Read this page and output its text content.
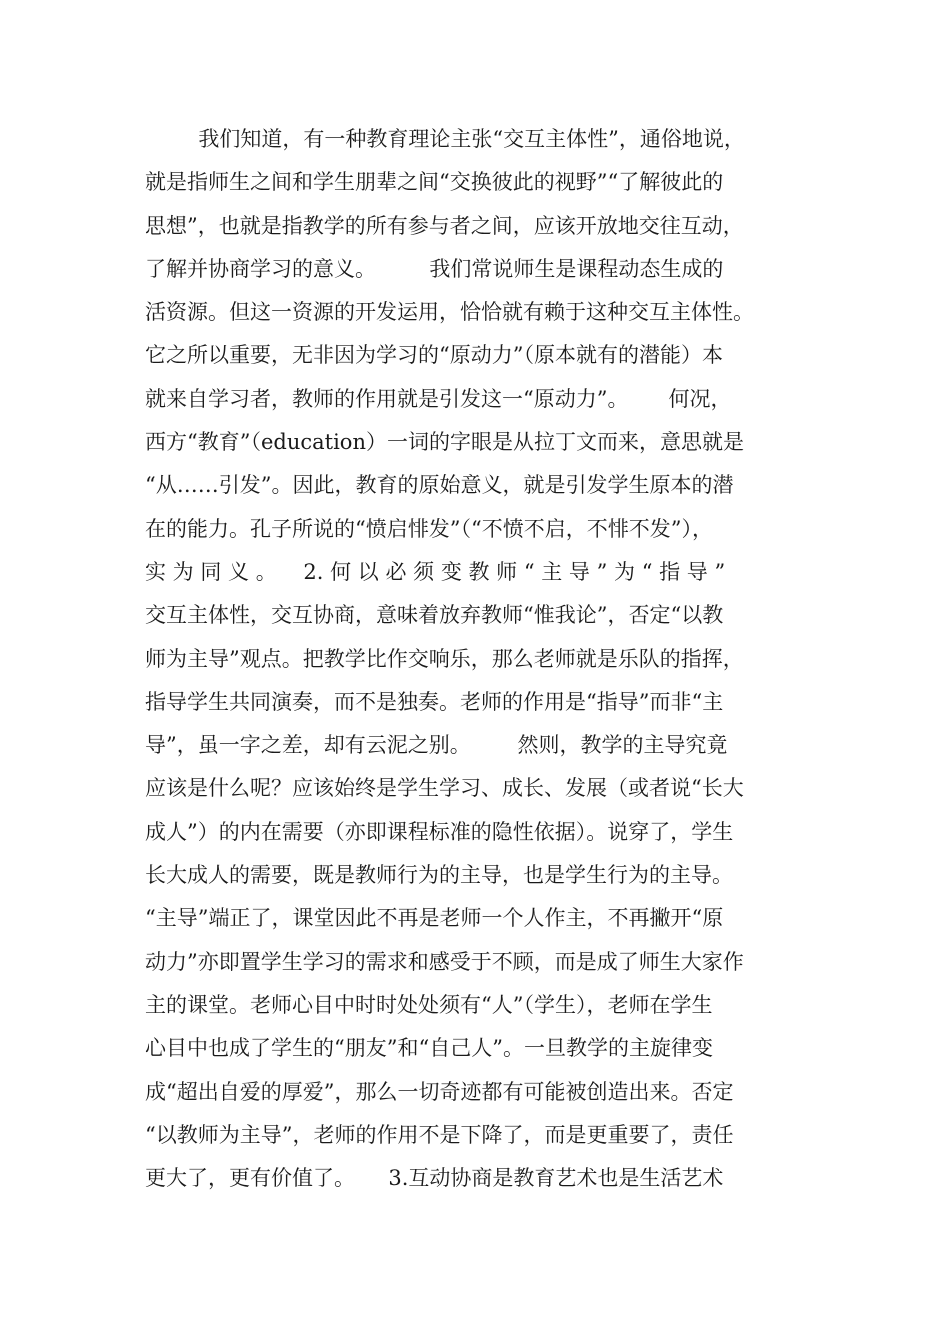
我们知道，有一种教育理论主张“交互主体性”，通俗地说，
就是指师生之间和学生朋辈之间“交换彼此的视野”“了解彼此的
思想”，也就是指教学的所有参与者之间，应该开放地交往互动，
了解并协商学习的意义。        我们常说师生是课程动态生成的
活资源。但这一资源的开发运用，恰恰就有赖于这种交互主体性。
它之所以重要，无非因为学习的“原动力”（原本就有的潜能）本
就来自学习者，教师的作用就是引发这一“原动力”。      何况，
西方“教育”（education）一词的字眼是从拉丁文而来，意思就是
“从……引发”。因此，教育的原始意义，就是引发学生原本的潜
在的能力。孔子所说的“愤启悱发”（“不愤不启，不悱不发”），
实 为 同 义 。    2. 何 以 必 须 变 教 师 “ 主 导 ” 为 “ 指 导 ”
交互主体性，交互协商，意味着放弃教师“惟我论”，否定“以教
师为主导”观点。把教学比作交响乐，那么老师就是乐队的指挥，
指导学生共同演奏，而不是独奏。老师的作用是“指导”而非“主
导”，虽一字之差，却有云泥之别。       然则，教学的主导究竟
应该是什么呢？应该始终是学生学习、成长、发展（或者说“长大
成人”）的内在需要（亦即课程标准的隐性依据）。说穿了，学生
长大成人的需要，既是教师行为的主导，也是学生行为的主导。
“主导”端正了，课堂因此不再是老师一个人作主，不再撇开“原
动力”亦即置学生学习的需求和感受于不顾，而是成了师生大家作
主的课堂。老师心目中时时处处须有“人”（学生），老师在学生
心目中也成了学生的“朋友”和“自己人”。一旦教学的主旋律变
成“超出自爱的厚爱”，那么一切奇迹都有可能被创造出来。否定
“以教师为主导”，老师的作用不是下降了，而是更重要了，责任
更大了，更有价值了。     3.互动协商是教育艺术也是生活艺术
